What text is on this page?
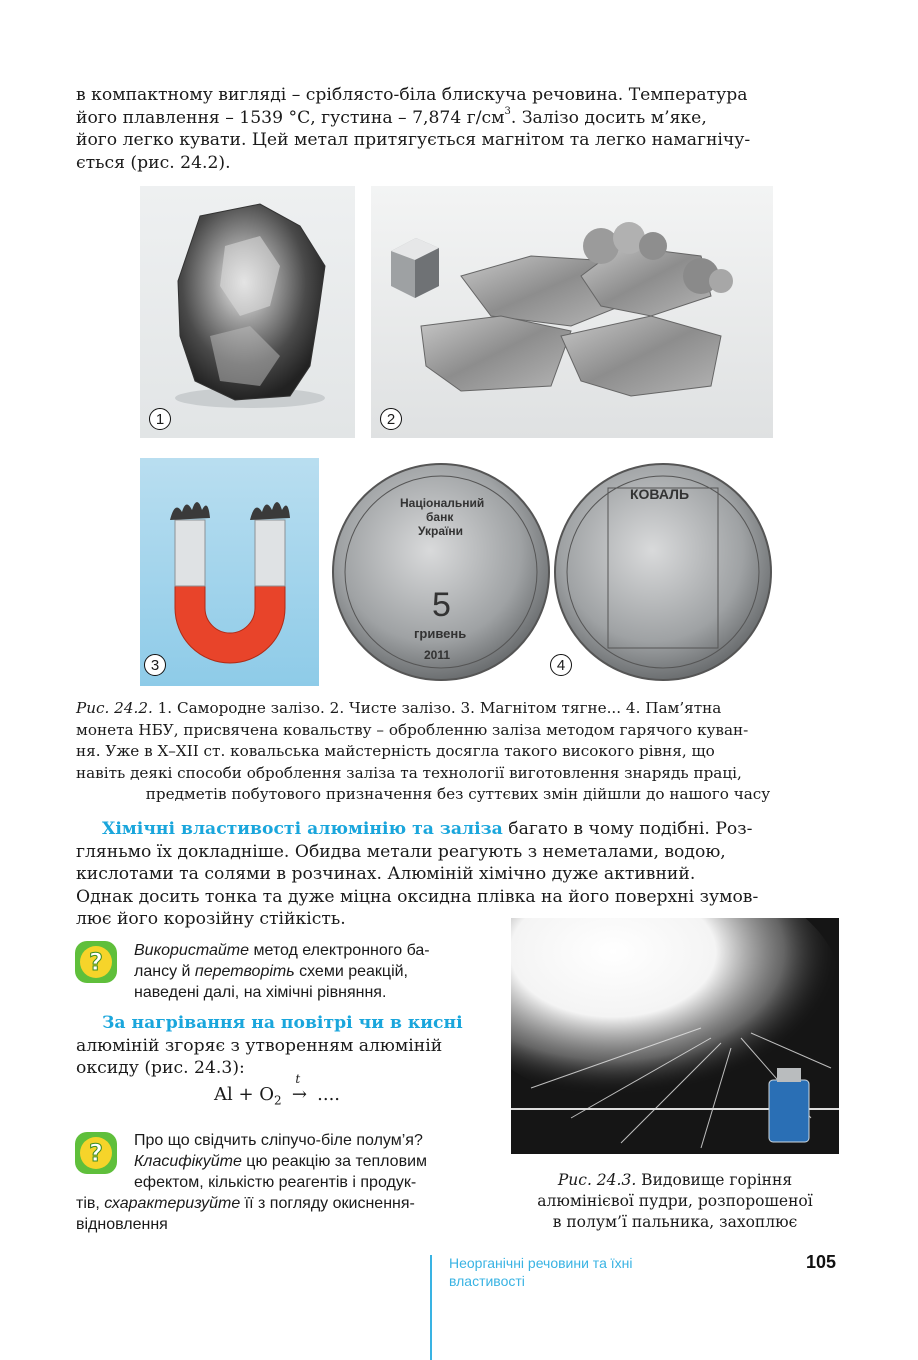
в компактному вигляді – сріблясто-біла блискуча речовина. Температура
його плавлення – 1539 °С, густина – 7,874 $г/см^3$. Залізо досить м’яке,
його легко кувати. Цей метал притягується магнітом та легко намагнічу-
ється (рис. 24.2).
1	2
3
Національний
банк
України
5
гривень
2011
КОВАЛЬ
4
Рис. 24.2. 1. Самородне залізо. 2. Чисте залізо. 3. Магнітом тягне... 4. Пам’ятна
монета НБУ, присвячена ковальству – обробленню заліза методом гарячого куван-
ня. Уже в Х–ХІІ ст. ковальська майстерність досягла такого високого рівня, що
навіть деякі способи оброблення заліза та технології виготовлення знарядь праці,
предметів побутового призначення без суттєвих змін дійшли до нашого часу
Хімічні властивості алюмінію та заліза багато в чому подібні. Роз-
гляньмо їх докладніше. Обидва метали реагують з неметалами, водою,
кислотами та солями в розчинах. Алюміній хімічно дуже активний.
Однак досить тонка та дуже міцна оксидна плівка на його поверхні зумов-
лює його корозійну стійкість.
? Використайте метод електронного ба-
лансу й перетворіть схеми реакцій,
наведені далі, на хімічні рівняння.
За нагрівання на повітрі чи в кисні
алюміній згоряє з утворенням алюміній
оксиду (рис. 24.3):
$Al + O_2$
t
→ ....
?	Про що свідчить сліпучо-біле полум’я?
Класифікуйте цю реакцію за тепловим
ефектом, кількістю реагентів і продук-
тів, схарактеризуйте її з погляду окиснення-
відновлення
Рис. 24.3. Видовище горіння
алюмінієвої пудри, розпорошеної
в полум’ї пальника, захоплює
Неорганічні речовини та їхні
властивості
105
